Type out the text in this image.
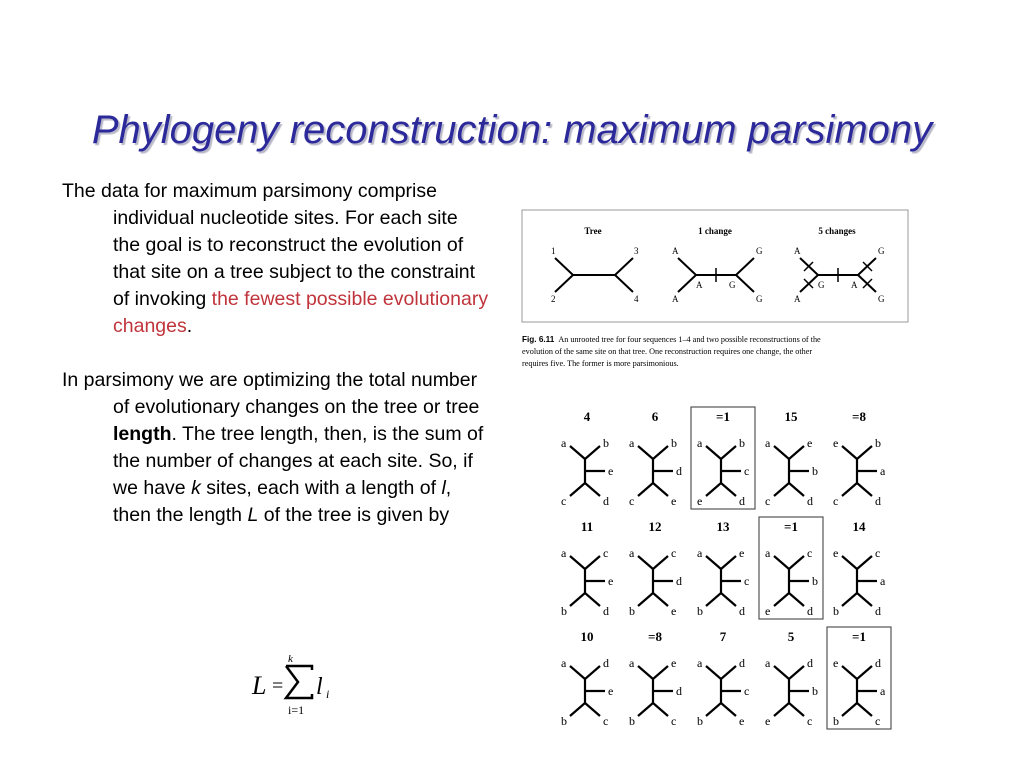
Phylogeny reconstruction: maximum parsimony

The data for maximum parsimony comprise individual nucleotide sites. For each site the goal is to reconstruct the evolution of that site on a tree subject to the constraint of invoking the fewest possible evolutionary changes.

In parsimony we are optimizing the total number of evolutionary changes on the tree or tree length. The tree length, then, is the sum of the number of changes at each site. So, if we have k sites, each with a length of l, then the length L of the tree is given by

L =
k
i=1
l i
Tree	1 change	5 changes
1	3
2	4
A	G
A	G
A	G
A	G
A	G
G	A
Fig. 6.11 An unrooted tree for four sequences 1–4 and two possible reconstructions of the
evolution of the same site on that tree. One reconstruction requires one change, the other
requires five. The former is more parsimonious.
4
a	b
e
c	d
6
a	b
d
c	e
=1
a	b
c
e	d
15
a	e
b
c	d
=8
e	b
a
c	d
11
a	c
e
b	d
12
a	c
d
b	e
13
a	e
c
b	d
=1
a	c
b
e	d
14
e	c
a
b	d
10
a	d
e
b	c
=8
a	e
d
b	c
7
a	d
c
b	e
5
a	d
b
e	c
=1
e	d
a
b	c
